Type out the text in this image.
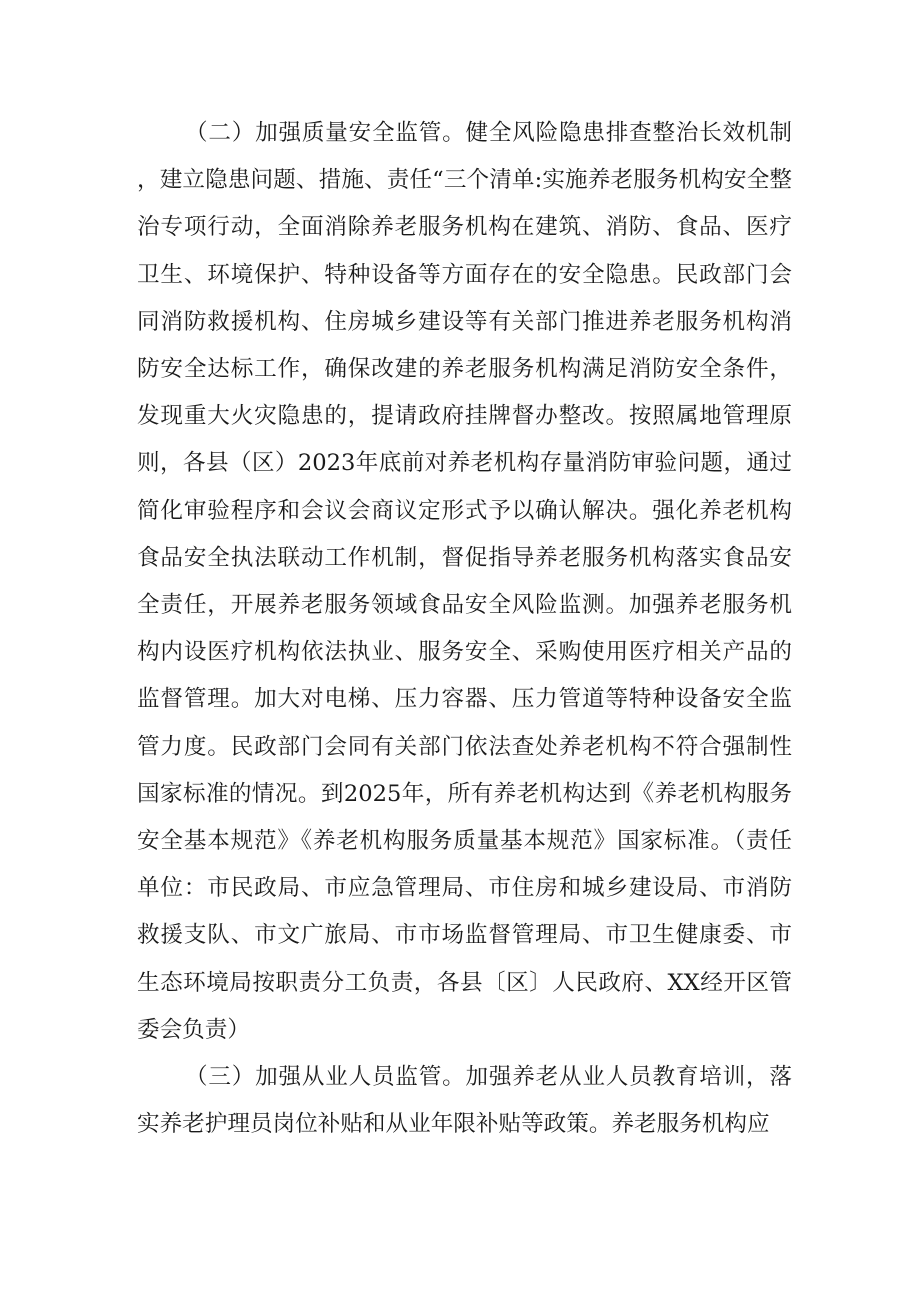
（二）加强质量安全监管。健全风险隐患排查整治长效机制，建立隐患问题、措施、责任“三个清单:实施养老服务机构安全整治专项行动，全面消除养老服务机构在建筑、消防、食品、医疗卫生、环境保护、特种设备等方面存在的安全隐患。民政部门会同消防救援机构、住房城乡建设等有关部门推进养老服务机构消防安全达标工作，确保改建的养老服务机构满足消防安全条件，发现重大火灾隐患的，提请政府挂牌督办整改。按照属地管理原则，各县（区）2023年底前对养老机构存量消防审验问题，通过简化审验程序和会议会商议定形式予以确认解决。强化养老机构食品安全执法联动工作机制，督促指导养老服务机构落实食品安全责任，开展养老服务领域食品安全风险监测。加强养老服务机构内设医疗机构依法执业、服务安全、采购使用医疗相关产品的监督管理。加大对电梯、压力容器、压力管道等特种设备安全监管力度。民政部门会同有关部门依法查处养老机构不符合强制性国家标准的情况。到2025年，所有养老机构达到《养老机构服务安全基本规范》《养老机构服务质量基本规范》国家标准。（责任单位：市民政局、市应急管理局、市住房和城乡建设局、市消防救援支队、市文广旅局、市市场监督管理局、市卫生健康委、市生态环境局按职责分工负责，各县〔区〕人民政府、XX经开区管委会负责）

（三）加强从业人员监管。加强养老从业人员教育培训，落实养老护理员岗位补贴和从业年限补贴等政策。养老服务机构应
